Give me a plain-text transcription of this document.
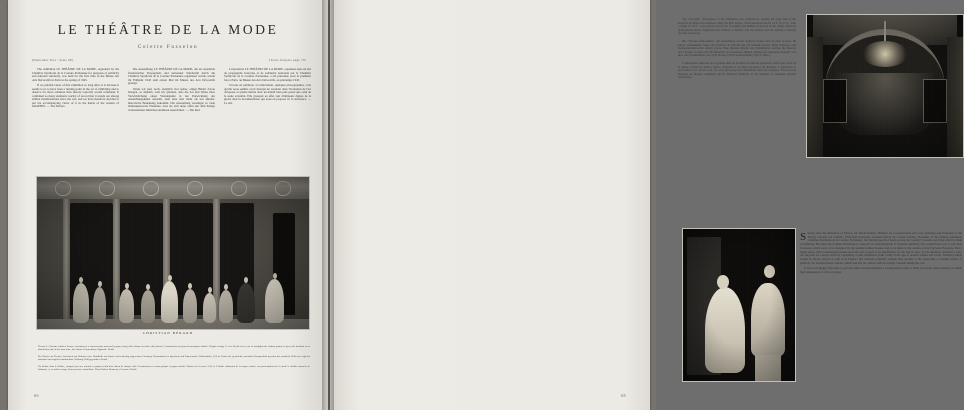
LE THÉÂTRE DE LA MODE
Colette Fusselon
[Deutscher Text : Seite 68]	[Texte français page 70]

The exhibition LE THÉÂTRE DE LA MODE, organized by the Chambre Syndicale de la Couture Parisienne for purposes of publicity and national solidarity, was held for the first time in the Musée des Arts Décoratifs in Paris in the spring of 1945.

If we publish views of this exhibition so long after, it is because it seems to us to have been a turning-point in the art of exhibiting and to deserve far more attention than merely topically would command. It combined so many elements worthy of record that it stands out among similar manifestations since the war, and we have therefore decided to put the accompanying views of it in the hands of the readers of GRAPHIS. — The Editors.

Die Ausstellung LE THÉÂTRE DE LA MODE, die als Ausdruck französischer Propaganda und nationaler Solidarität durch die Chambre Syndicale de la Couture Parisienne organisiert wurde, wurde im Frühjahr 1945 zum ersten Mal im Musée des Arts Décoratifs gezeigt.

Wenn wir jetzt noch, ziemlich viel später, einige Bilder davon bringen, so deshalb, weil wir glauben, dass die Art und Weise ihrer Verwirklichung einen Wendepunkt in der Entwicklung der Ausstellungskunst darstellt, dem eine weit mehr als nur aktuell-historische Bedeutung zukommt. Die Ausstellung vereinigte so viele bemerkenswerte Elemente, dass sie sich unter allen seit dem Kriege veranstalteten ähnlichen Anlässen auszeichnet. — Die Red.

L'exposition LE THÉÂTRE DE LA MODE, organisée dans un but de propagande française et de solidarité nationale par la Chambre Syndicale de la Couture Parisienne, a été présentée pour la première fois à Paris, au Musée des Arts Décoratifs, au printemps 1945.

Si nous en publions, si tardivement, quelques photographies, c'est qu'elle nous semble avoir marqué un tournant dans l'évolution de l'art d'exposer et qu'elle mérite donc un intérêt bien plus grand que celui de la seule actualité. Elle groupait en effet tant d'éléments dignes de la gloire dont la documentation qui nous en propose ici la substance. — La réd.

CHRISTIAN BÉRARD
Theatre I: A theatre within a theatre consisting of a semi-circular surround in paper, hung with a drape on either side (above). Construction in plywood and papier-mâché. Height of stage 11 feet. By the clever use of footlights the fashion picture is given the idealism of an abstraction and, at the same time, the charm of immediacy. Opposite: Detail.
Ein Theater im Theater, bestehend aus Wänden einer Rundhalle aus Papier mit beidseitig angesetztem Vorhang. Konstruktion in Sperrholz und Papiermaché. Bühnenhöhe 3,30 m. Durch die geschickte unterhalte Rampenlicht gewinnt das modische Bild eine zugleich abstrakte und zugleich unmittelbare Wirkung. Bild gegenüber: Detail.
Un théâtre dans le théâtre, composé par une rotonde en papier tendu d'un rideau de chaque côté. Construction en contre-plaqué et papier mâché. Hauteur de la scène 3,30 m. L'habile utilisation de la rampe confère aux présentations de la mode le double caractère de l'abstrait, et, en même temps, d'une présence immédiate. Photo Robert Doisneau, Ci-contre: Détail.
66

The "footlight" atmosphere of the exhibition was obtained by putting the large hall of the Pavillon de Marsan in darkness. Only the little stages, which measured about 14 ft. by 11 ft., with a depth of 10 ft., were picked out by the footlights and hidden projectors in the wings. Discreet gramophone music heightened the illusion of theatre, and the visitors had the feeling of having become spectators.

Die "Theater-Atmosphäre" der Ausstellung wurde dadurch erzielt, dass in dem grossen, 60 Meter verdunkelten Saale des Pavillon de Marsan nur die kleinen Szenen damit Rampen- und Kulissenscheinwerfer erhellt waren. Eine diskrete Musik von Schallplatten erhöhte die Illusion des Theaters in dem sich die Besucher als Zuschauer fühlten. (Masse der einzelnen Szenen: 5 m über drei Vorderbühne etwa 4,50 m und 3,50 m Szenentiefung 3,00 m Tiefe.)

L'atmosphère théâtrale de la grande salle du Pavillon de Marsan permettait l'effet que s'était de la rampe. Seules les petites scènes, disposées à un mètre au-dessus du plancher et garnissant la profondeur 3 m, 60 sur 4 m, 50, avec une projection dissimulée dans les coulisses. Une discrète musique de disques amplifiait encore l'illusion théâtrale, et les visiteurs se sentaient devenir spectateurs.

Shortly after the liberation of France, M. Raoul Dautry, Minister for reconstruction and town planning and President of the French national aid scheme, l'Entr'aide Française, invoked before M. Lucien Lelong, President of the fashion institution Chambre Syndicale de la Couture Parisienne, the burning need for funds to stop the country's wounds and bring effective help to suffering. He asked the Couture Parisienne to take part in a manifestation of national solidarity. The original idea was to sell dolls in dresses which were to be designed by the leading fashion houses and to be made in the ateliers of the Entr'aide Française. But a single show, with a mannequin parade and doll sale, proved to be insufficient for the end in view. It was therefore decided to carry out the plan on a larger scale by organizing a dolls exhibition (with a hint of the age of ancient castles and lovely damsels) which would be shown abroad as well as in France. The national solidarity scheme thus became at the same time a valuable means of publicity for Parisian haute couture, which had lost all contact with its foreign clientele during the war.

It was accordingly important to give the little one-housedresses a background worthy of them and of the dress-making art which they represented. A wise occasion

68
